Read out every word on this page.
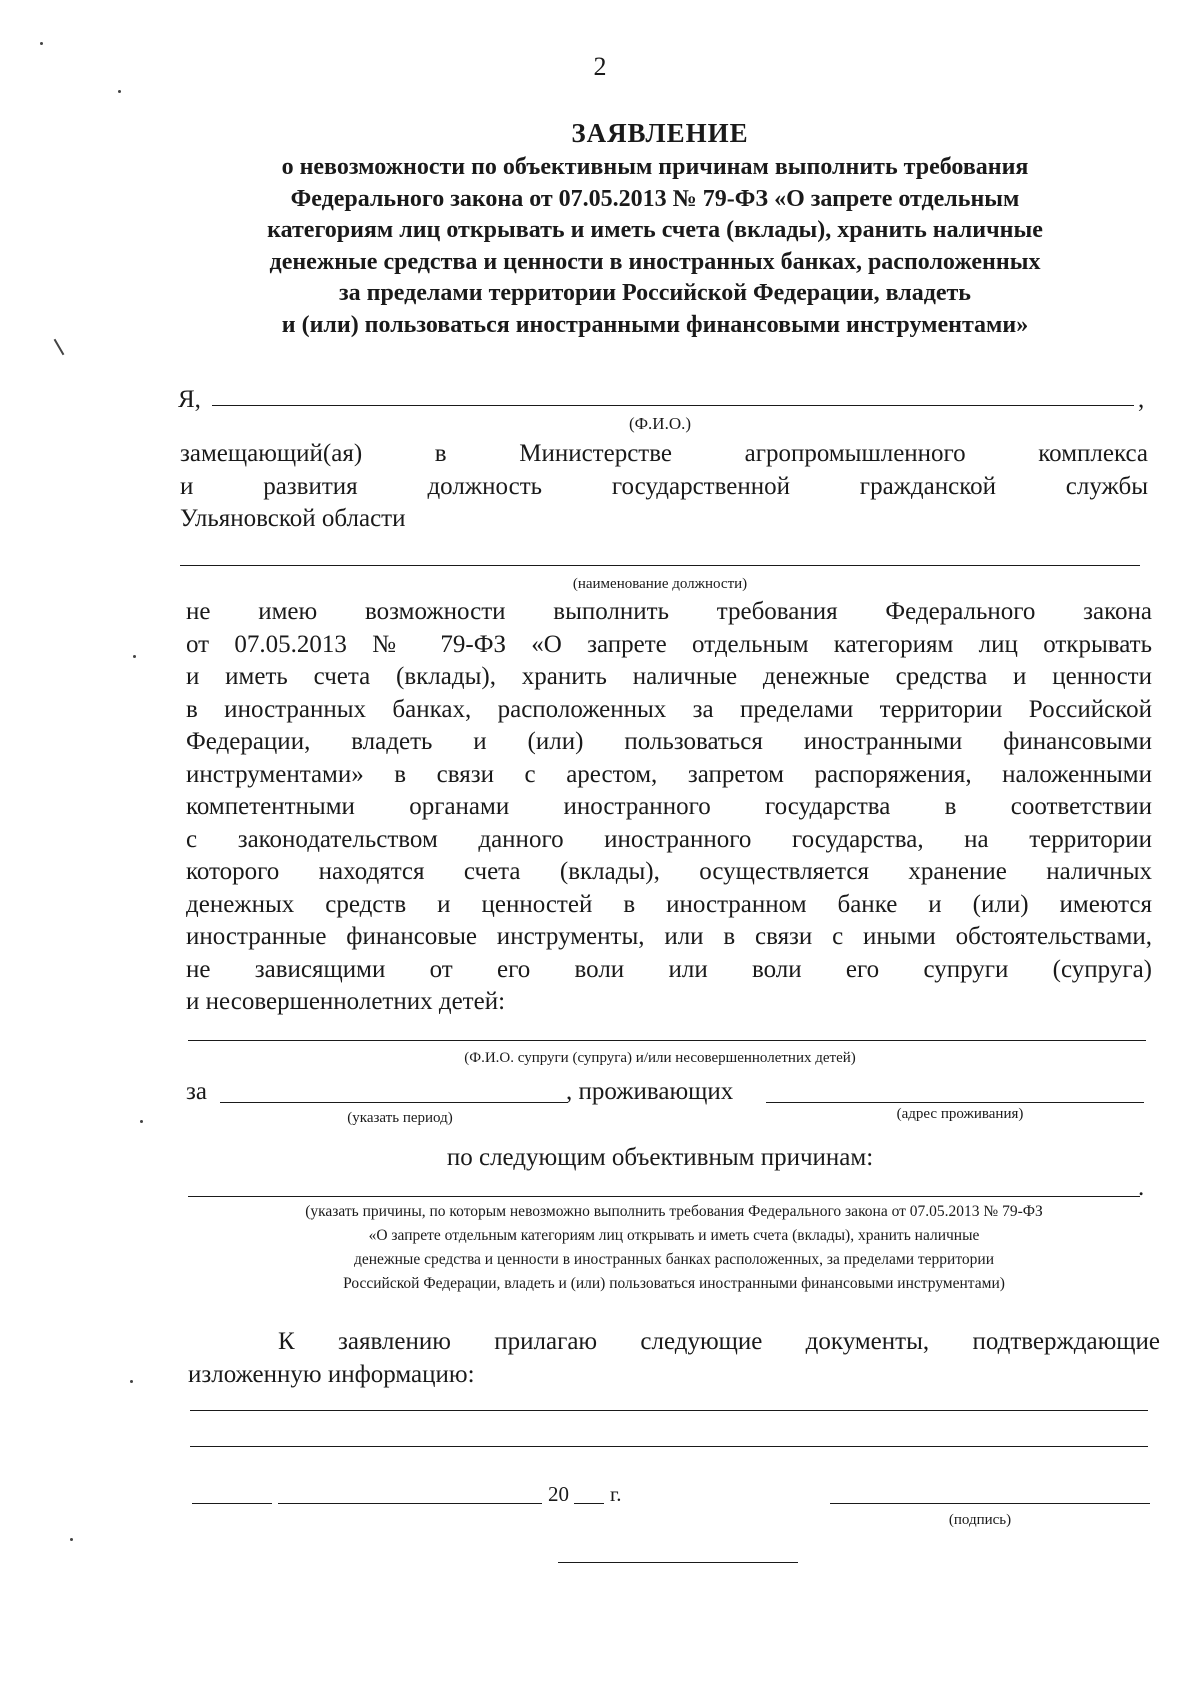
2
ЗАЯВЛЕНИЕ
о невозможности по объективным причинам выполнить требования
Федерального закона от 07.05.2013 № 79-ФЗ «О запрете отдельным
категориям лиц открывать и иметь счета (вклады), хранить наличные
денежные средства и ценности в иностранных банках, расположенных
за пределами территории Российской Федерации, владеть
и (или) пользоваться иностранными финансовыми инструментами»
Я,	,
(Ф.И.О.)
замещающий(ая) в Министерстве агропромышленного комплекса
и развития должность государственной гражданской службы
Ульяновской области
(наименование должности)
не имею возможности выполнить требования Федерального закона
от 07.05.2013 № 79-ФЗ «О запрете отдельным категориям лиц открывать
и иметь счета (вклады), хранить наличные денежные средства и ценности
в иностранных банках, расположенных за пределами территории Российской
Федерации, владеть и (или) пользоваться иностранными финансовыми
инструментами» в связи с арестом, запретом распоряжения, наложенными
компетентными органами иностранного государства в соответствии
с законодательством данного иностранного государства, на территории
которого находятся счета (вклады), осуществляется хранение наличных
денежных средств и ценностей в иностранном банке и (или) имеются
иностранные финансовые инструменты, или в связи с иными обстоятельствами,
не зависящими от его воли или воли его супруги (супруга)
и несовершеннолетних детей:
(Ф.И.О. супруги (супруга) и/или несовершеннолетних детей)
за	, проживающих
(указать период)	(адрес проживания)
по следующим объективным причинам:
.
(указать причины, по которым невозможно выполнить требования Федерального закона от 07.05.2013 № 79-ФЗ
«О запрете отдельным категориям лиц открывать и иметь счета (вклады), хранить наличные
денежные средства и ценности в иностранных банках расположенных, за пределами территории
Российской Федерации, владеть и (или) пользоваться иностранными финансовыми инструментами)
К заявлению прилагаю следующие документы, подтверждающие
изложенную информацию:
20 г.
(подпись)
